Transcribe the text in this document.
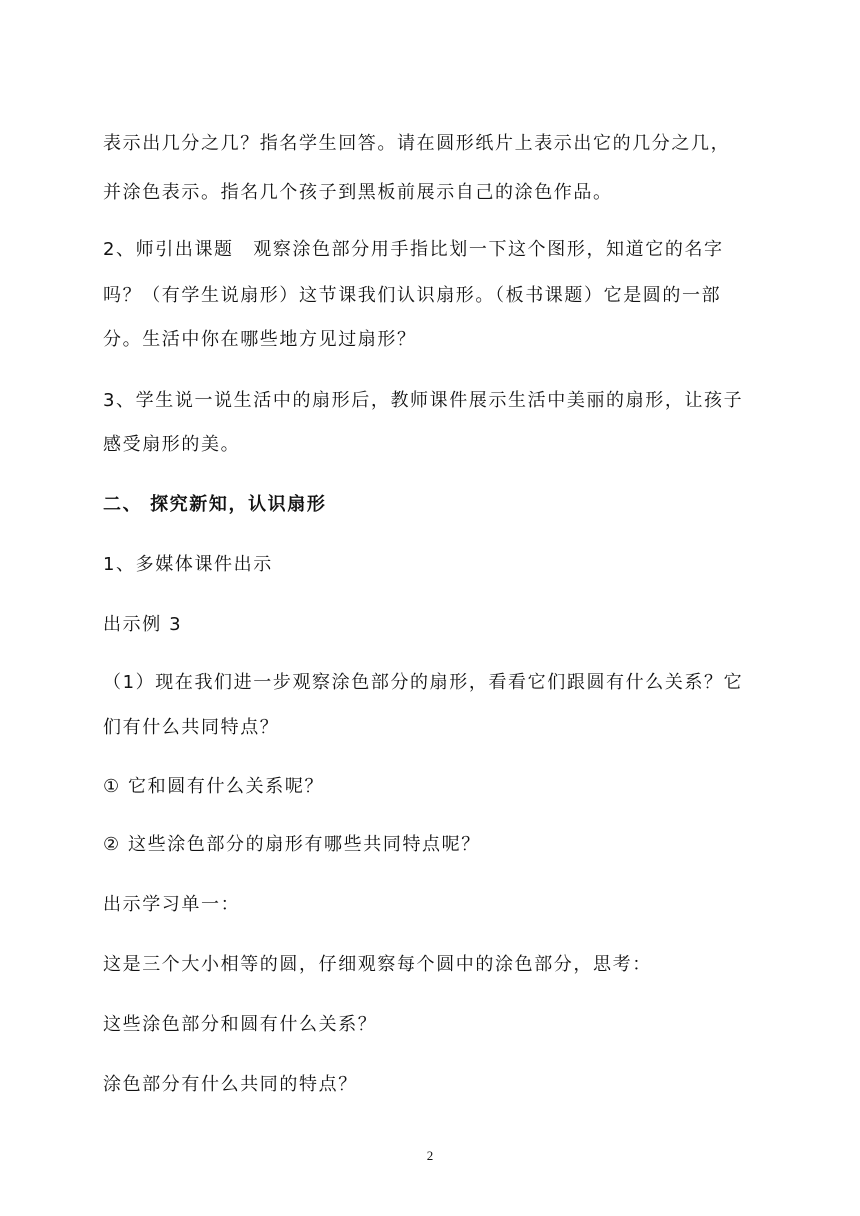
表示出几分之几？指名学生回答。请在圆形纸片上表示出它的几分之几，
并涂色表示。指名几个孩子到黑板前展示自己的涂色作品。
2、师引出课题　观察涂色部分用手指比划一下这个图形，知道它的名字
吗？（有学生说扇形）这节课我们认识扇形。（板书课题）它是圆的一部
分。生活中你在哪些地方见过扇形？
3、学生说一说生活中的扇形后，教师课件展示生活中美丽的扇形，让孩子
感受扇形的美。
二、 探究新知，认识扇形
1、多媒体课件出示
出示例 3
（1）现在我们进一步观察涂色部分的扇形，看看它们跟圆有什么关系？它
们有什么共同特点？
① 它和圆有什么关系呢？
② 这些涂色部分的扇形有哪些共同特点呢？
出示学习单一：
这是三个大小相等的圆，仔细观察每个圆中的涂色部分，思考：
这些涂色部分和圆有什么关系？
涂色部分有什么共同的特点？
2
